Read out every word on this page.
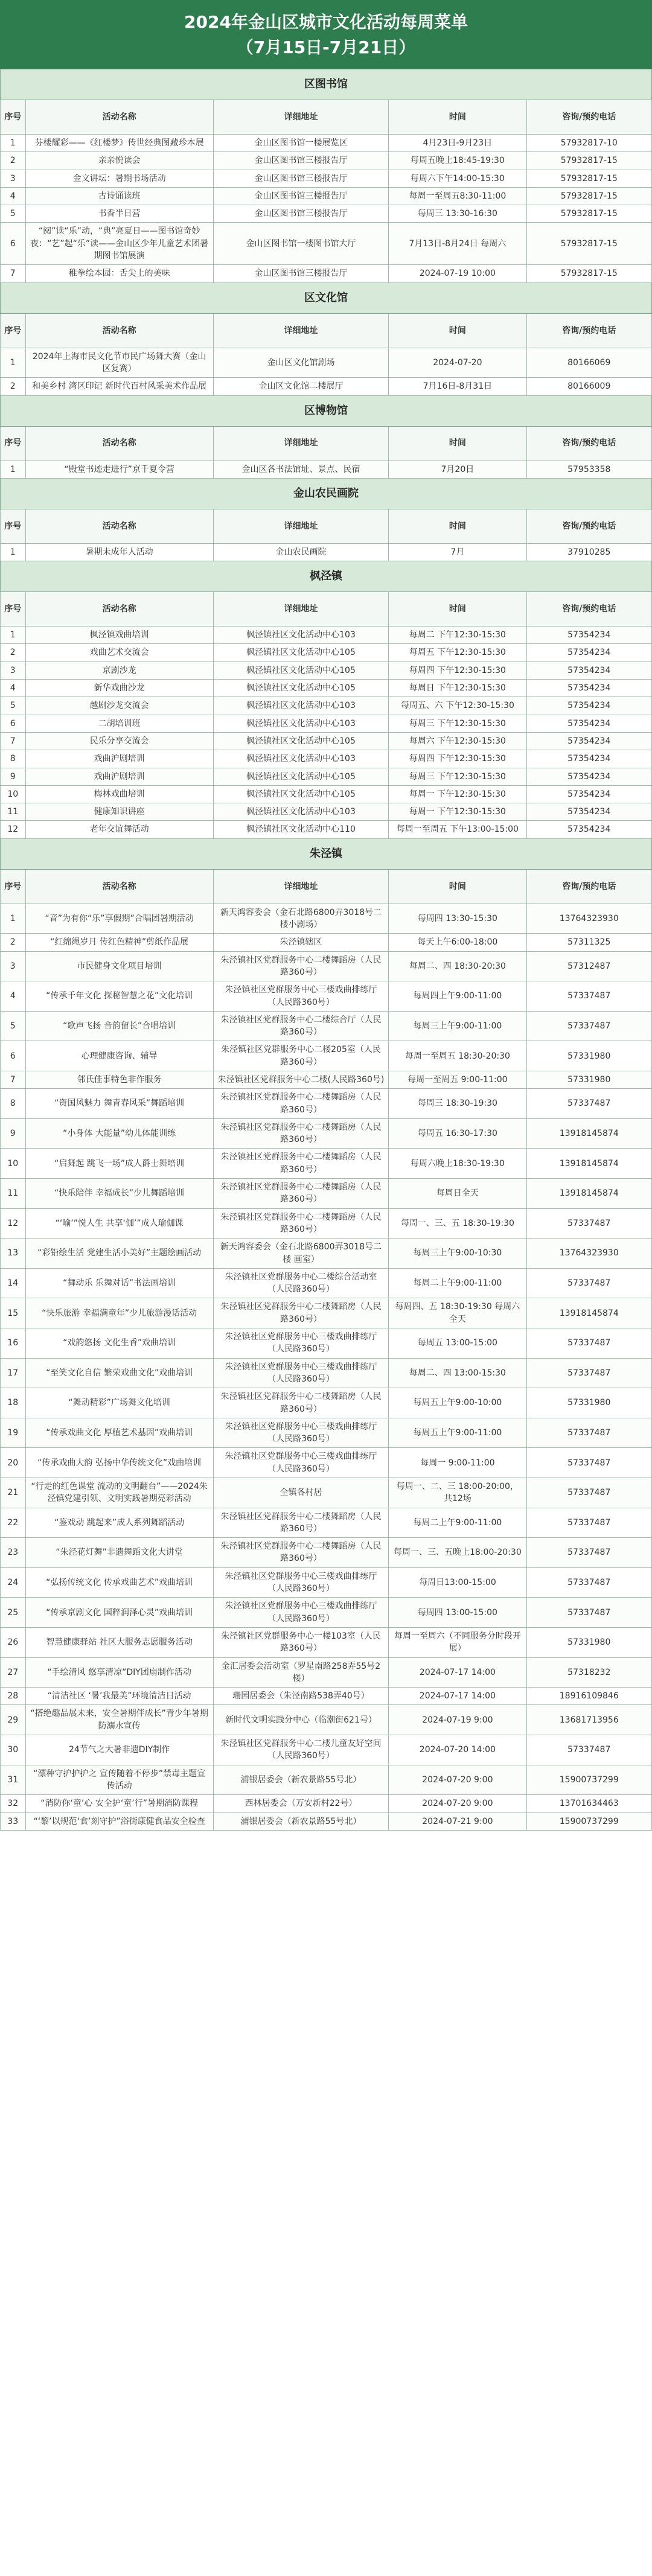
2024年金山区城市文化活动每周菜单
（7月15日-7月21日）
区图书馆				
序号	活动名称	详细地址	时间	咨询/预约电话
1	芬楼耀彩——《红楼梦》传世经典图藏珍本展	金山区图书馆一楼展览区	4月23日-9月23日	57932817-10
2	亲亲悦读会	金山区图书馆三楼报告厅	每周五晚上18:45-19:30	57932817-15
3	金文讲坛：暑期书场活动	金山区图书馆三楼报告厅	每周六下午14:00-15:30	57932817-15
4	古诗诵读班	金山区图书馆三楼报告厅	每周一至周五8:30-11:00	57932817-15
5	书香半日营	金山区图书馆三楼报告厅	每周三 13:30-16:30	57932817-15
6	“阅”读“乐”动，“典”亮夏日——图书馆奇妙夜：“艺”起“乐”读——金山区少年儿童艺术团暑期图书馆展演	金山区图书馆一楼图书馆大厅	7月13日-8月24日 每周六	57932817-15
7	稚拳绘本园：舌尖上的美味	金山区图书馆三楼报告厅	2024-07-19 10:00	57932817-15
区文化馆				
序号	活动名称	详细地址	时间	咨询/预约电话
1	2024年上海市民文化节市民广场舞大赛（金山区复赛）	金山区文化馆剧场	2024-07-20	80166069
2	和美乡村 湾区印记 新时代百村风采美术作品展	金山区文化馆二楼展厅	7月16日-8月31日	80166009
区博物馆				
序号	活动名称	详细地址	时间	咨询/预约电话
1	“殿堂书迹走进行”京千夏令营	金山区各书法馆址、景点、民宿	7月20日	57953358
金山农民画院				
序号	活动名称	详细地址	时间	咨询/预约电话
1	暑期未成年人活动	金山农民画院	7月	37910285
枫泾镇				
序号	活动名称	详细地址	时间	咨询/预约电话
1	枫泾镇戏曲培训	枫泾镇社区文化活动中心103	每周二 下午12:30-15:30	57354234
2	戏曲艺术交流会	枫泾镇社区文化活动中心105	每周五 下午12:30-15:30	57354234
3	京剧沙龙	枫泾镇社区文化活动中心105	每周四 下午12:30-15:30	57354234
4	新华戏曲沙龙	枫泾镇社区文化活动中心105	每周日 下午12:30-15:30	57354234
5	越剧沙龙交流会	枫泾镇社区文化活动中心103	每周五、六 下午12:30-15:30	57354234
6	二胡培训班	枫泾镇社区文化活动中心103	每周三 下午12:30-15:30	57354234
7	民乐分享交流会	枫泾镇社区文化活动中心105	每周六 下午12:30-15:30	57354234
8	戏曲沪剧培训	枫泾镇社区文化活动中心103	每周四 下午12:30-15:30	57354234
9	戏曲沪剧培训	枫泾镇社区文化活动中心105	每周三 下午12:30-15:30	57354234
10	梅林戏曲培训	枫泾镇社区文化活动中心105	每周一 下午12:30-15:30	57354234
11	健康知识讲座	枫泾镇社区文化活动中心103	每周一 下午12:30-15:30	57354234
12	老年交谊舞活动	枫泾镇社区文化活动中心110	每周一至周五 下午13:00-15:00	57354234
朱泾镇				
序号	活动名称	详细地址	时间	咨询/预约电话
1	“音”为有你“乐”享假期”合唱团暑期活动	新天鸿容委会（金石北路6800弄3018号二楼小剧场）	每周四 13:30-15:30	13764323930
2	“红绵绳岁月 传红色精神”剪纸作品展	朱泾镇辖区	每天上午6:00-18:00	57311325
3	市民健身文化项目培训	朱泾镇社区党群服务中心二楼舞蹈房（人民路360号）	每周二、四 18:30-20:30	57312487
4	“传承千年文化 探秘智慧之花”文化培训	朱泾镇社区党群服务中心三楼戏曲排练厅（人民路360号）	每周四上午9:00-11:00	57337487
5	“歌声飞扬 音韵留长”合唱培训	朱泾镇社区党群服务中心二楼综合厅（人民路360号）	每周三上午9:00-11:00	57337487
6	心理健康咨询、辅导	朱泾镇社区党群服务中心二楼205室（人民路360号）	每周一至周五 18:30-20:30	57331980
7	邻氏佳事特色非作服务	朱泾镇社区党群服务中心二楼(人民路360号)	每周一至周五 9:00-11:00	57331980
8	“资国风魅力 舞青春风采”舞蹈培训	朱泾镇社区党群服务中心二楼舞蹈房（人民路360号）	每周三 18:30-19:30	57337487
9	“小身体 大能量”幼儿体能训练	朱泾镇社区党群服务中心二楼舞蹈房（人民路360号）	每周五 16:30-17:30	13918145874
10	“启舞起 跳飞一场”成人爵士舞培训	朱泾镇社区党群服务中心二楼舞蹈房（人民路360号）	每周六晚上18:30-19:30	13918145874
11	“快乐陪伴 幸福成长”少儿舞蹈培训	朱泾镇社区党群服务中心二楼舞蹈房（人民路360号）	每周日全天	13918145874
12	“‘喻’”悦人生 共享‘伽’”成人瑜伽课	朱泾镇社区党群服务中心二楼舞蹈房（人民路360号）	每周一、三、五 18:30-19:30	57337487
13	“彩铅绘生活 党建生活小美好”主题绘画活动	新天鸿容委会（金石北路6800弄3018号二楼 画室）	每周三上午9:00-10:30	13764323930
14	“舞动乐 乐舞对话”书法画培训	朱泾镇社区党群服务中心二楼综合活动室（人民路360号）	每周二上午9:00-11:00	57337487
15	“快乐旅游 幸福满童年”少儿旅游漫话活动	朱泾镇社区党群服务中心二楼舞蹈房（人民路360号）	每周四、五 18:30-19:30 每周六全天	13918145874
16	“戏韵悠扬 文化生香”戏曲培训	朱泾镇社区党群服务中心三楼戏曲排练厅（人民路360号）	每周五 13:00-15:00	57337487
17	“至笑文化自信 繁荣戏曲文化”戏曲培训	朱泾镇社区党群服务中心三楼戏曲排练厅（人民路360号）	每周二、四 13:00-15:30	57337487
18	“舞动精彩”广场舞文化培训	朱泾镇社区党群服务中心二楼舞蹈房（人民路360号）	每周五上午9:00-10:00	57331980
19	“传承戏曲文化 厚植艺术基因”戏曲培训	朱泾镇社区党群服务中心三楼戏曲排练厅（人民路360号）	每周五上午9:00-11:00	57337487
20	“传承戏曲大韵 弘扬中华传统文化”戏曲培训	朱泾镇社区党群服务中心三楼戏曲排练厅（人民路360号）	每周一 9:00-11:00	57337487
21	“行走的红色课堂 流动的文明翻台”——2024朱泾镇党建引领、文明实践暑期亮彩活动	全镇各村居	每周一、二、三 18:00-20:00，共12场	57337487
22	“鉴戏动 跳起来”成人系列舞蹈活动	朱泾镇社区党群服务中心二楼舞蹈房（人民路360号）	每周二上午9:00-11:00	57337487
23	“朱泾花灯舞”非遗舞蹈文化大讲堂	朱泾镇社区党群服务中心二楼舞蹈房（人民路360号）	每周一、三、五晚上18:00-20:30	57337487
24	“弘扬传统文化 传承戏曲艺术”戏曲培训	朱泾镇社区党群服务中心三楼戏曲排练厅（人民路360号）	每周日13:00-15:00	57337487
25	“传承京剧文化 国粹润泽心灵”戏曲培训	朱泾镇社区党群服务中心三楼戏曲排练厅（人民路360号）	每周四 13:00-15:00	57337487
26	智慧健康驿站 社区大服务志愿服务活动	朱泾镇社区党群服务中心一楼103室（人民路360号）	每周一至周六（不同服务分时段开展）	57331980
27	“手绘清风 悠享清凉”DIY团扇制作活动	金汇居委会活动室（罗星南路258弄55号2楼）	2024-07-17 14:00	57318232
28	“清洁社区 ‘暑’我最美”环境清洁日活动	珊园居委会（朱泾南路538弄40号）	2024-07-17 14:00	18916109846
29	“搭绝趣品展未来，安全暑期伴成长”青少年暑期防溺水宣传	新时代文明实践分中心（临潮街621号）	2024-07-19 9:00	13681713956
30	24节气之大暑非遗DIY制作	朱泾镇社区党群服务中心二楼儿童友好空间（人民路360号）	2024-07-20 14:00	57337487
31	“漂种守护护护之 宣传随着不停步”禁毒主题宣传活动	浦银居委会（新农景路55号北）	2024-07-20 9:00	15900737299
32	“消防你‘童’心 安全护‘童’行”暑期消防课程	西林居委会（万安新村22号）	2024-07-20 9:00	13701634463
33	“‘黎’以规范‘食’刻守护”浴街康健食品安全检查	浦银居委会（新农景路55号北）	2024-07-21 9:00	15900737299
